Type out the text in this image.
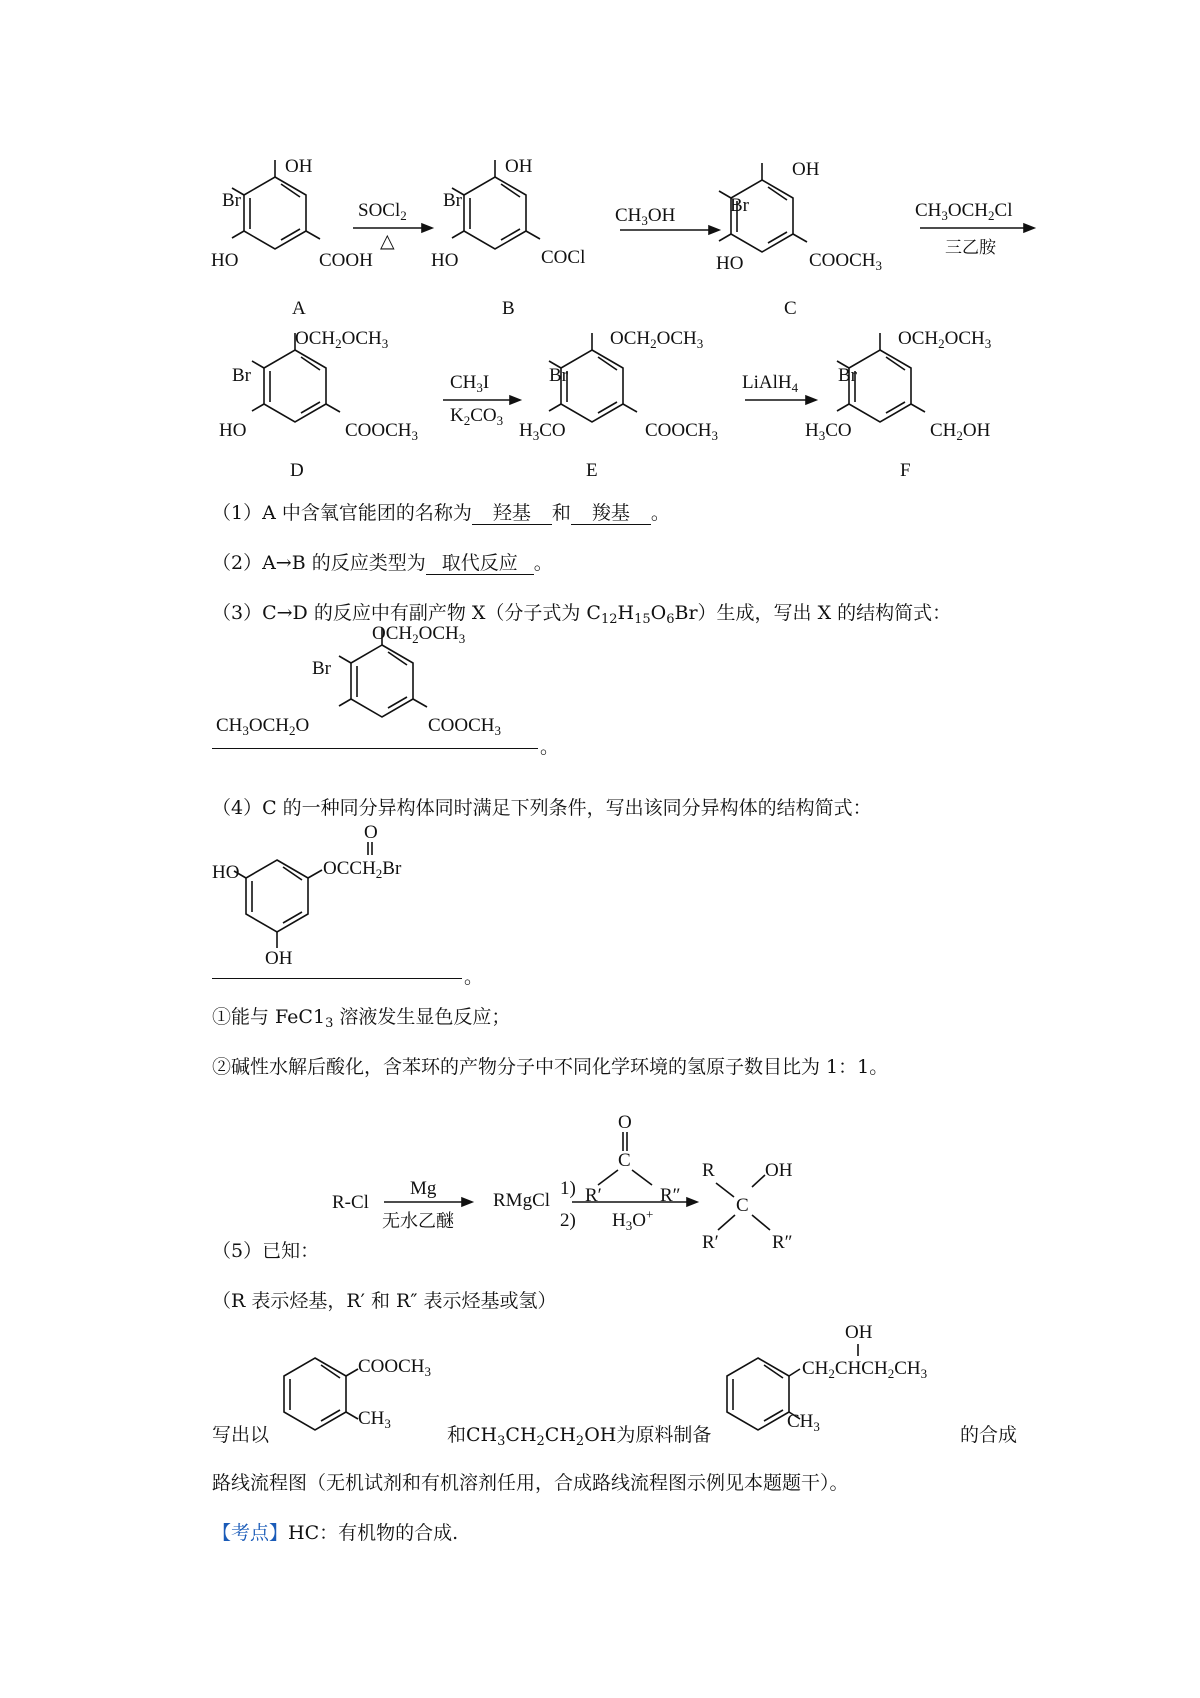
OH
Br
HO	COOH
A
SOCl$_2$
△
OH
Br
HO	COCl
B
$CH_3OH$
OH
Br
HO	$COOCH_3$
C
$CH_3OCH_2Cl$
三乙胺
$OCH_2OCH_3$
Br
HO	$COOCH_3$
D
$CH_3I$
$K_2CO_3$
$OCH_2OCH_3$
Br
$H_3CO$	$COOCH_3$
E
LiAlH$_4$
$OCH_2OCH_3$
Br
$H_3CO$	$CH_2OH$
F
（1）A 中含氧官能团的名称为 羟基 和 羧基 。
（2）A→B 的反应类型为 取代反应 。
（3）C→D 的反应中有副产物 X（分子式为 $C_{12}H_{15}O_6Br$）生成，写出 X 的结构简式：
$OCH_2OCH_3$
Br
$CH_3OCH_2O$	$COOCH_3$
。
（4）C 的一种同分异构体同时满足下列条件，写出该同分异构体的结构简式：
O
HO	$OCCH_2Br$
OH
。
①能与 $FeC1_3$ 溶液发生显色反应；
②碱性水解后酸化，含苯环的产物分子中不同化学环境的氢原子数目比为 1：1。
O
C
R-Cl
Mg
无水乙醚
RMgCl
1)
2)
R′	R″
$H_3O^+$
R	OH
C
R′	R″
（5）已知：
（R 表示烃基，R′ 和 R″ 表示烃基或氢）
$COOCH_3$
$CH_3$
OH
$CH_2CHCH_2CH_3$
$CH_3$
写出以	和$CH_3CH_2CH_2OH$为原料制备	的合成
路线流程图（无机试剂和有机溶剂任用，合成路线流程图示例见本题题干）。
【考点】HC：有机物的合成.
